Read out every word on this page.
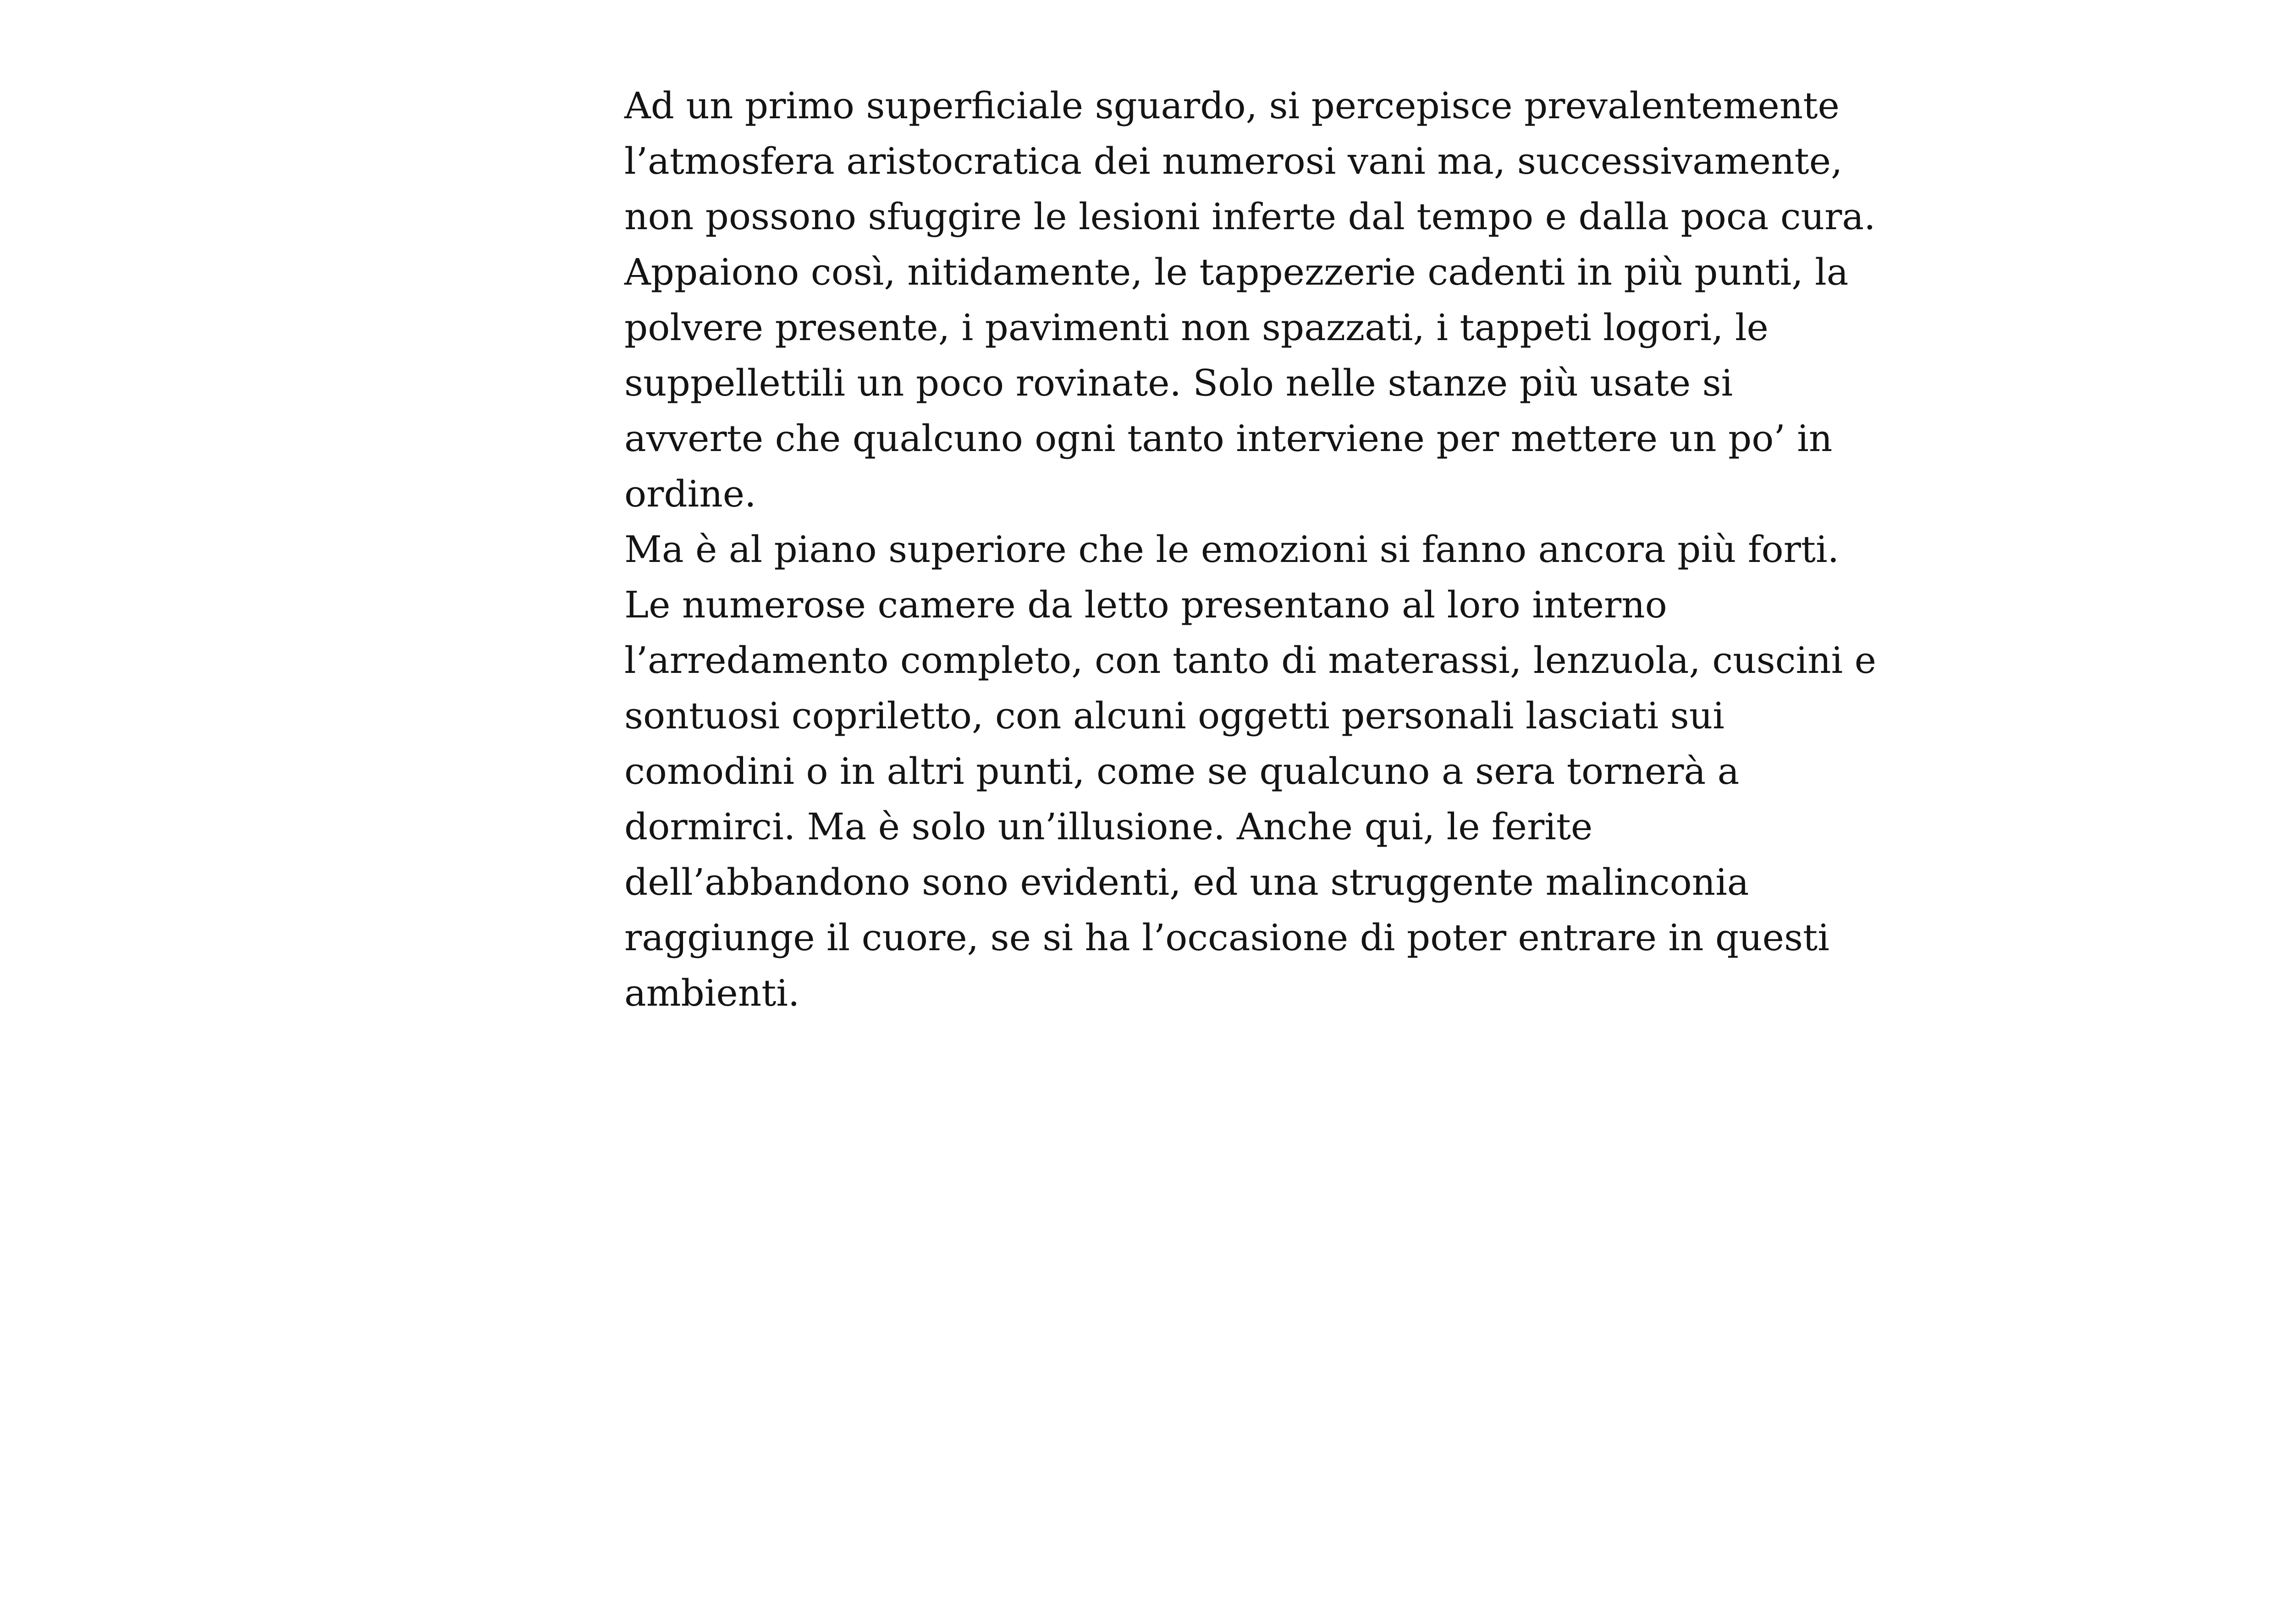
Ad un primo superficiale sguardo, si percepisce prevalentemente
l’atmosfera aristocratica dei numerosi vani ma, successivamente,
non possono sfuggire le lesioni inferte dal tempo e dalla poca cura.
Appaiono così, nitidamente, le tappezzerie cadenti in più punti, la
polvere presente, i pavimenti non spazzati, i tappeti logori, le
suppellettili un poco rovinate. Solo nelle stanze più usate si
avverte che qualcuno ogni tanto interviene per mettere un po’ in
ordine.
Ma è al piano superiore che le emozioni si fanno ancora più forti.
Le numerose camere da letto presentano al loro interno
l’arredamento completo, con tanto di materassi, lenzuola, cuscini e
sontuosi copriletto, con alcuni oggetti personali lasciati sui
comodini o in altri punti, come se qualcuno a sera tornerà a
dormirci. Ma è solo un’illusione. Anche qui, le ferite
dell’abbandono sono evidenti, ed una struggente malinconia
raggiunge il cuore, se si ha l’occasione di poter entrare in questi
ambienti.
